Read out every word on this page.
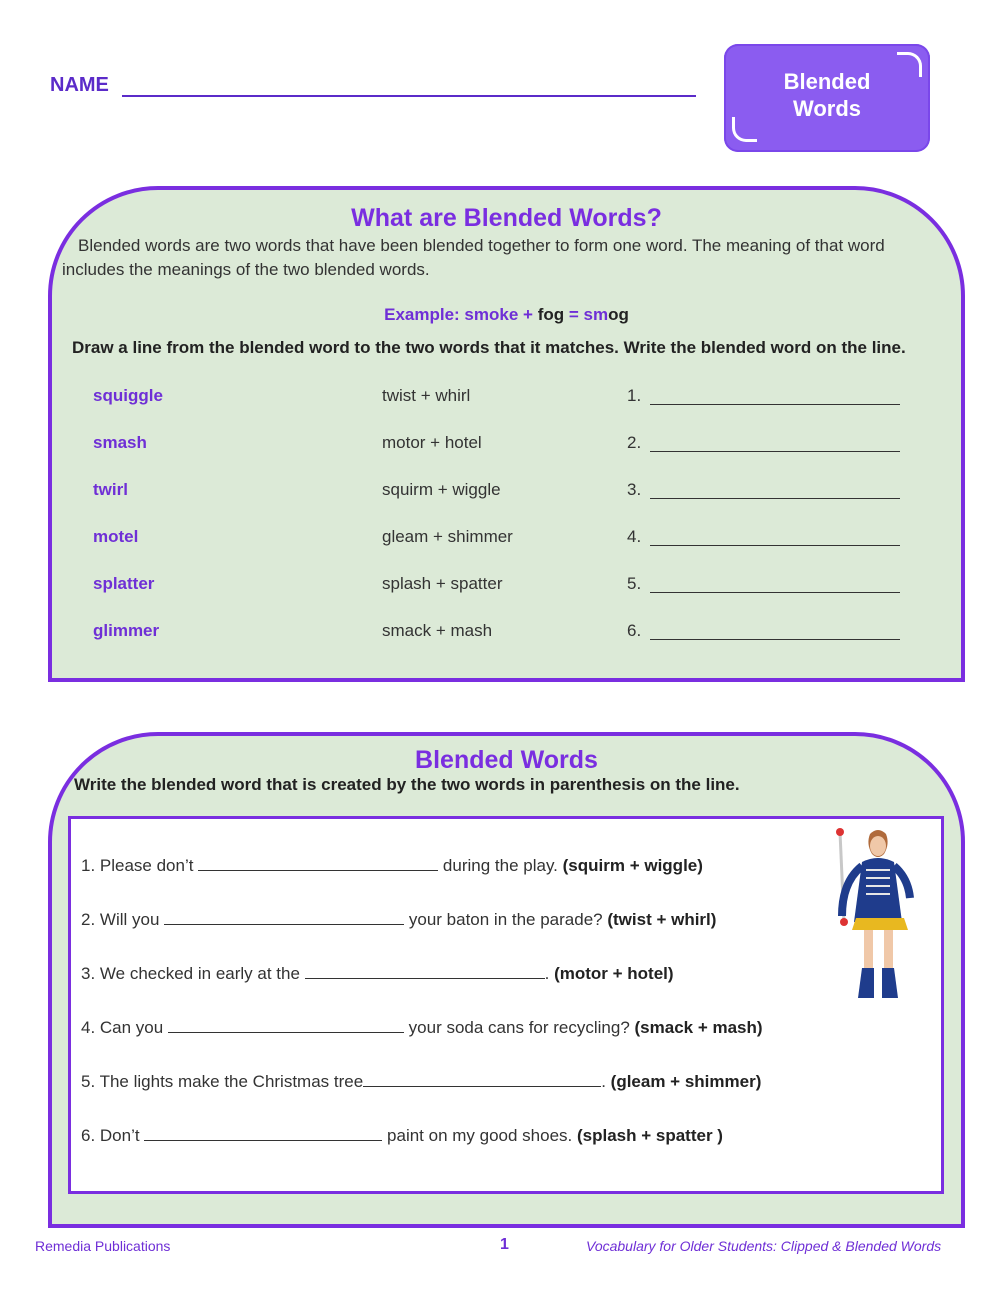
NAME	Blended
Words
What are Blended Words?
Blended words are two words that have been blended together to form one word. The meaning of that word includes the meanings of the two blended words.
Example: smoke + fog = smog
Draw a line from the blended word to the two words that it matches. Write the blended word on the line.
squiggle	twist + whirl	1.
smash	motor + hotel	2.
twirl	squirm + wiggle	3.
motel	gleam + shimmer	4.
splatter	splash + spatter	5.
glimmer	smack + mash	6.
Blended Words
Write the blended word that is created by the two words in parenthesis on the line.
1. Please don’t	during the play. (squirm + wiggle)
2. Will you	your baton in the parade? (twist + whirl)
3. We checked in early at the	. (motor + hotel)
4. Can you	your soda cans for recycling? (smack + mash)
5. The lights make the Christmas tree	. (gleam + shimmer)
6. Don’t	paint on my good shoes. (splash + spatter )
Remedia Publications	1	Vocabulary for Older Students: Clipped & Blended Words
